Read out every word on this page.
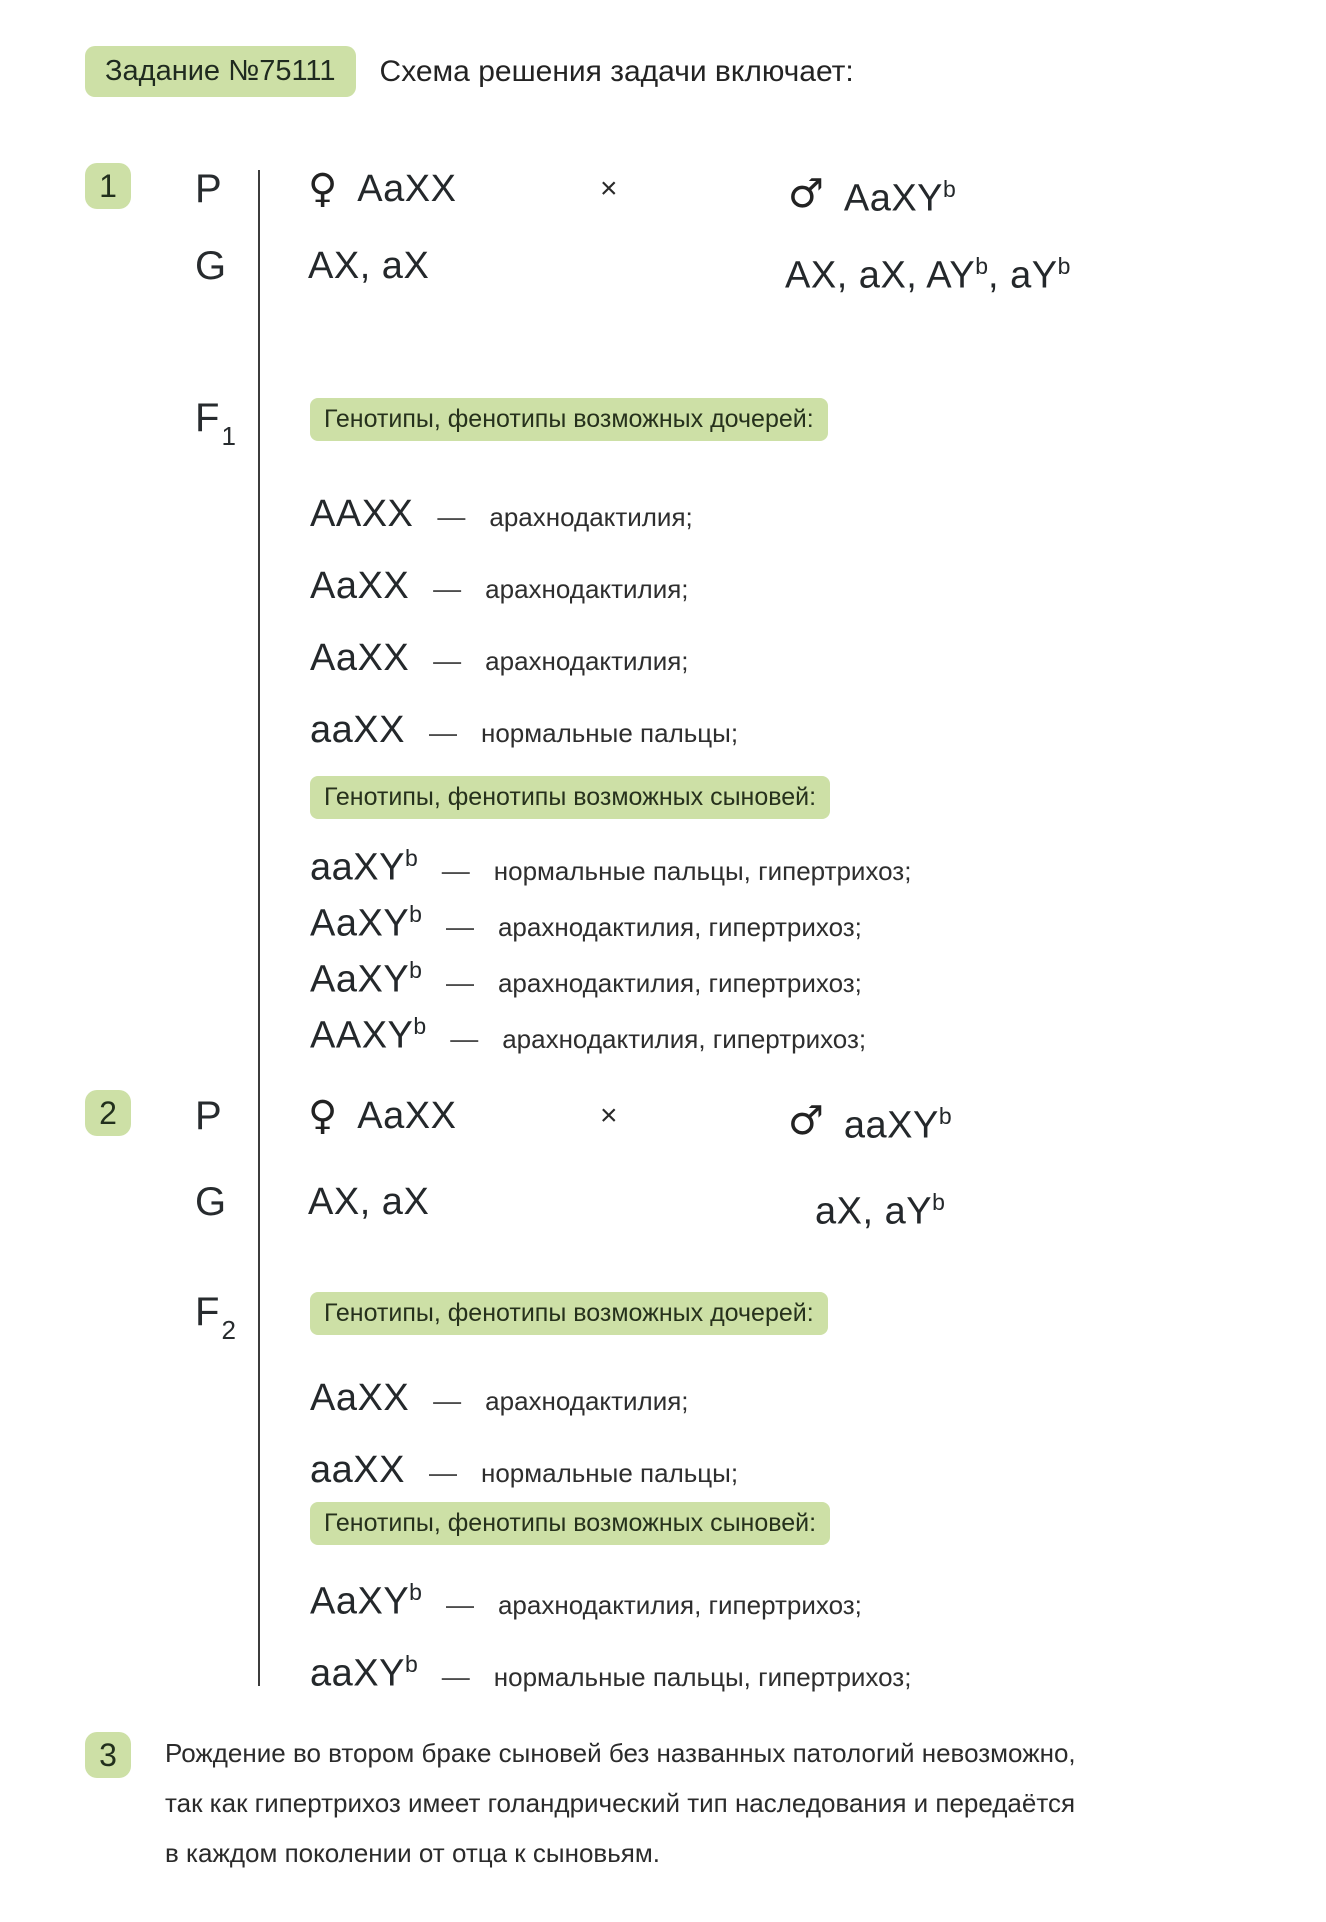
Задание №75111	Схема решения задачи включает:
1 P ♀ AaXX	×	♂ AaXY$^b$
G AX, aX	AX, aX, $AY^b$, $aY^b$
$F_1$
Генотипы, фенотипы возможных дочерей:
AAXX — арахнодактилия;
AaXX — арахнодактилия;
AaXX — арахнодактилия;
aaXX — нормальные пальцы;
Генотипы, фенотипы возможных сыновей:
aaXY$^b$ — нормальные пальцы, гипертрихоз;
AaXY$^b$ — арахнодактилия, гипертрихоз;
AaXY$^b$ — арахнодактилия, гипертрихоз;
AAXY$^b$ — арахнодактилия, гипертрихоз;
2 P ♀ AaXX	×	♂ aaXY$^b$
G AX, aX	aX, $aY^b$
$F_2$
Генотипы, фенотипы возможных дочерей:
AaXX — арахнодактилия;
aaXX — нормальные пальцы;
Генотипы, фенотипы возможных сыновей:
AaXY$^b$ — арахнодактилия, гипертрихоз;
aaXY$^b$ — нормальные пальцы, гипертрихоз;
3 Рождение во втором браке сыновей без названных патологий невозможно,
так как гипертрихоз имеет голандрический тип наследования и передаётся
в каждом поколении от отца к сыновьям.
